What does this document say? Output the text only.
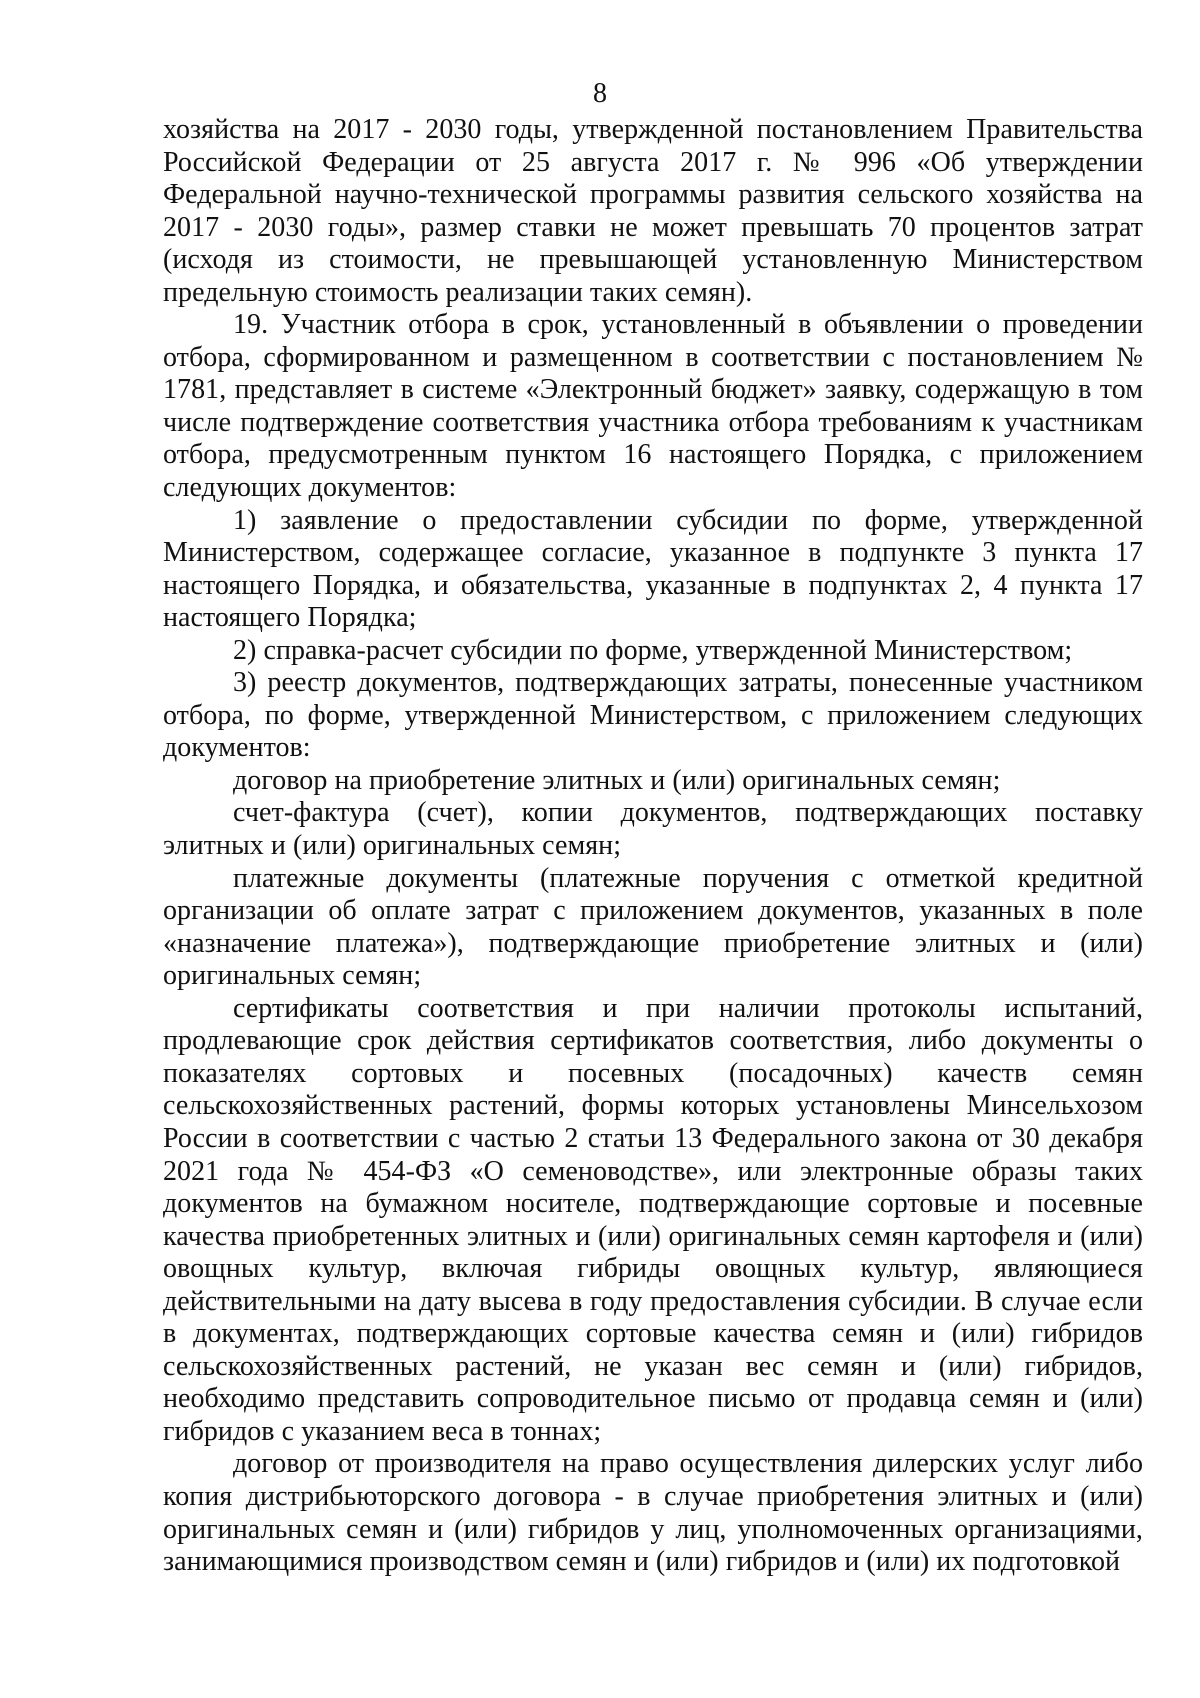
8

хозяйства на 2017 - 2030 годы, утвержденной постановлением Правительства Российской Федерации от 25 августа 2017 г. № 996 «Об утверждении Федеральной научно-технической программы развития сельского хозяйства на 2017 - 2030 годы», размер ставки не может превышать 70 процентов затрат (исходя из стоимости, не превышающей установленную Министерством предельную стоимость реализации таких семян).

19. Участник отбора в срок, установленный в объявлении о проведении отбора, сформированном и размещенном в соответствии с постановлением № 1781, представляет в системе «Электронный бюджет» заявку, содержащую в том числе подтверждение соответствия участника отбора требованиям к участникам отбора, предусмотренным пунктом 16 настоящего Порядка, с приложением следующих документов:

1) заявление о предоставлении субсидии по форме, утвержденной Министерством, содержащее согласие, указанное в подпункте 3 пункта 17 настоящего Порядка, и обязательства, указанные в подпунктах 2, 4 пункта 17 настоящего Порядка;

2) справка-расчет субсидии по форме, утвержденной Министерством;

3) реестр документов, подтверждающих затраты, понесенные участником отбора, по форме, утвержденной Министерством, с приложением следующих документов:

договор на приобретение элитных и (или) оригинальных семян;

счет-фактура (счет), копии документов, подтверждающих поставку элитных и (или) оригинальных семян;

платежные документы (платежные поручения с отметкой кредитной организации об оплате затрат с приложением документов, указанных в поле «назначение платежа»), подтверждающие приобретение элитных и (или) оригинальных семян;

сертификаты соответствия и при наличии протоколы испытаний, продлевающие срок действия сертификатов соответствия, либо документы о показателях сортовых и посевных (посадочных) качеств семян сельскохозяйственных растений, формы которых установлены Минсельхозом России в соответствии с частью 2 статьи 13 Федерального закона от 30 декабря 2021 года № 454-ФЗ «О семеноводстве», или электронные образы таких документов на бумажном носителе, подтверждающие сортовые и посевные качества приобретенных элитных и (или) оригинальных семян картофеля и (или) овощных культур, включая гибриды овощных культур, являющиеся действительными на дату высева в году предоставления субсидии. В случае если в документах, подтверждающих сортовые качества семян и (или) гибридов сельскохозяйственных растений, не указан вес семян и (или) гибридов, необходимо представить сопроводительное письмо от продавца семян и (или) гибридов с указанием веса в тоннах;

договор от производителя на право осуществления дилерских услуг либо копия дистрибьюторского договора - в случае приобретения элитных и (или) оригинальных семян и (или) гибридов у лиц, уполномоченных организациями, занимающимися производством семян и (или) гибридов и (или) их подготовкой
